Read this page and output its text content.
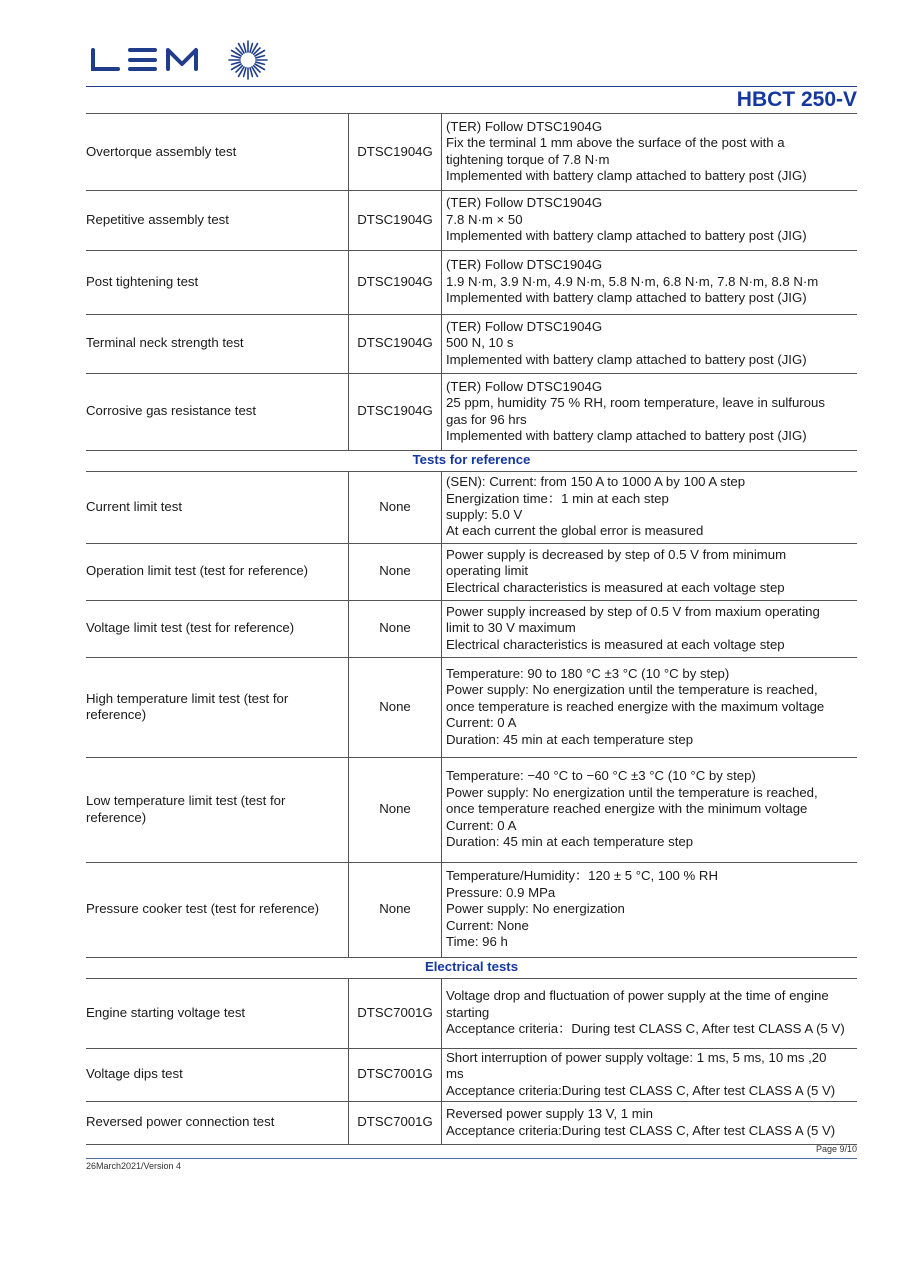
HBCT 250-V
Overtorque assembly test	DTSC1904G	(TER) Follow DTSC1904G
Fix the terminal 1 mm above the surface of the post with a
tightening torque of 7.8 N·m
Implemented with battery clamp attached to battery post (JIG)

Repetitive assembly test	DTSC1904G	(TER) Follow DTSC1904G
7.8 N·m × 50
Implemented with battery clamp attached to battery post (JIG)

Post tightening test	DTSC1904G	(TER) Follow DTSC1904G
1.9 N·m, 3.9 N·m, 4.9 N·m, 5.8 N·m, 6.8 N·m, 7.8 N·m, 8.8 N·m
Implemented with battery clamp attached to battery post (JIG)

Terminal neck strength test	DTSC1904G	(TER) Follow DTSC1904G
500 N, 10 s
Implemented with battery clamp attached to battery post (JIG)

Corrosive gas resistance test	DTSC1904G	(TER) Follow DTSC1904G
25 ppm, humidity 75 % RH, room temperature, leave in sulfurous
gas for 96 hrs
Implemented with battery clamp attached to battery post (JIG)

Tests for reference		
Current limit test	None	(SEN): Current: from 150 A to 1000 A by 100 A step
Energization time：1 min at each step
supply: 5.0 V
At each current the global error is measured

Operation limit test (test for reference)	None	Power supply is decreased by step of 0.5 V from minimum
operating limit
Electrical characteristics is measured at each voltage step

Voltage limit test (test for reference)	None	Power supply increased by step of 0.5 V from maxium operating
limit to 30 V maximum
Electrical characteristics is measured at each voltage step

High temperature limit test (test for reference)	None	Temperature: 90 to 180 °C ±3 °C (10 °C by step)
Power supply: No energization until the temperature is reached,
once temperature is reached energize with the maximum voltage
Current: 0 A
Duration: 45 min at each temperature step

Low temperature limit test (test for reference)	None	Temperature: −40 °C to −60 °C ±3 °C (10 °C by step)
Power supply: No energization until the temperature is reached,
once temperature reached energize with the minimum voltage
Current: 0 A
Duration: 45 min at each temperature step

Pressure cooker test (test for reference)	None	Temperature/Humidity：120 ± 5 °C, 100 % RH
Pressure: 0.9 MPa
Power supply: No energization
Current: None
Time: 96 h

Electrical tests		
Engine starting voltage test	DTSC7001G	Voltage drop and fluctuation of power supply at the time of engine
starting
Acceptance criteria：During test CLASS C, After test CLASS A (5 V)

Voltage dips test	DTSC7001G	Short interruption of power supply voltage: 1 ms, 5 ms, 10 ms ,20
ms
Acceptance criteria:During test CLASS C, After test CLASS A (5 V)

Reversed power connection test	DTSC7001G	Reversed power supply 13 V, 1 min
Acceptance criteria:During test CLASS C, After test CLASS A (5 V)
Page 9/10
26March2021/Version 4
